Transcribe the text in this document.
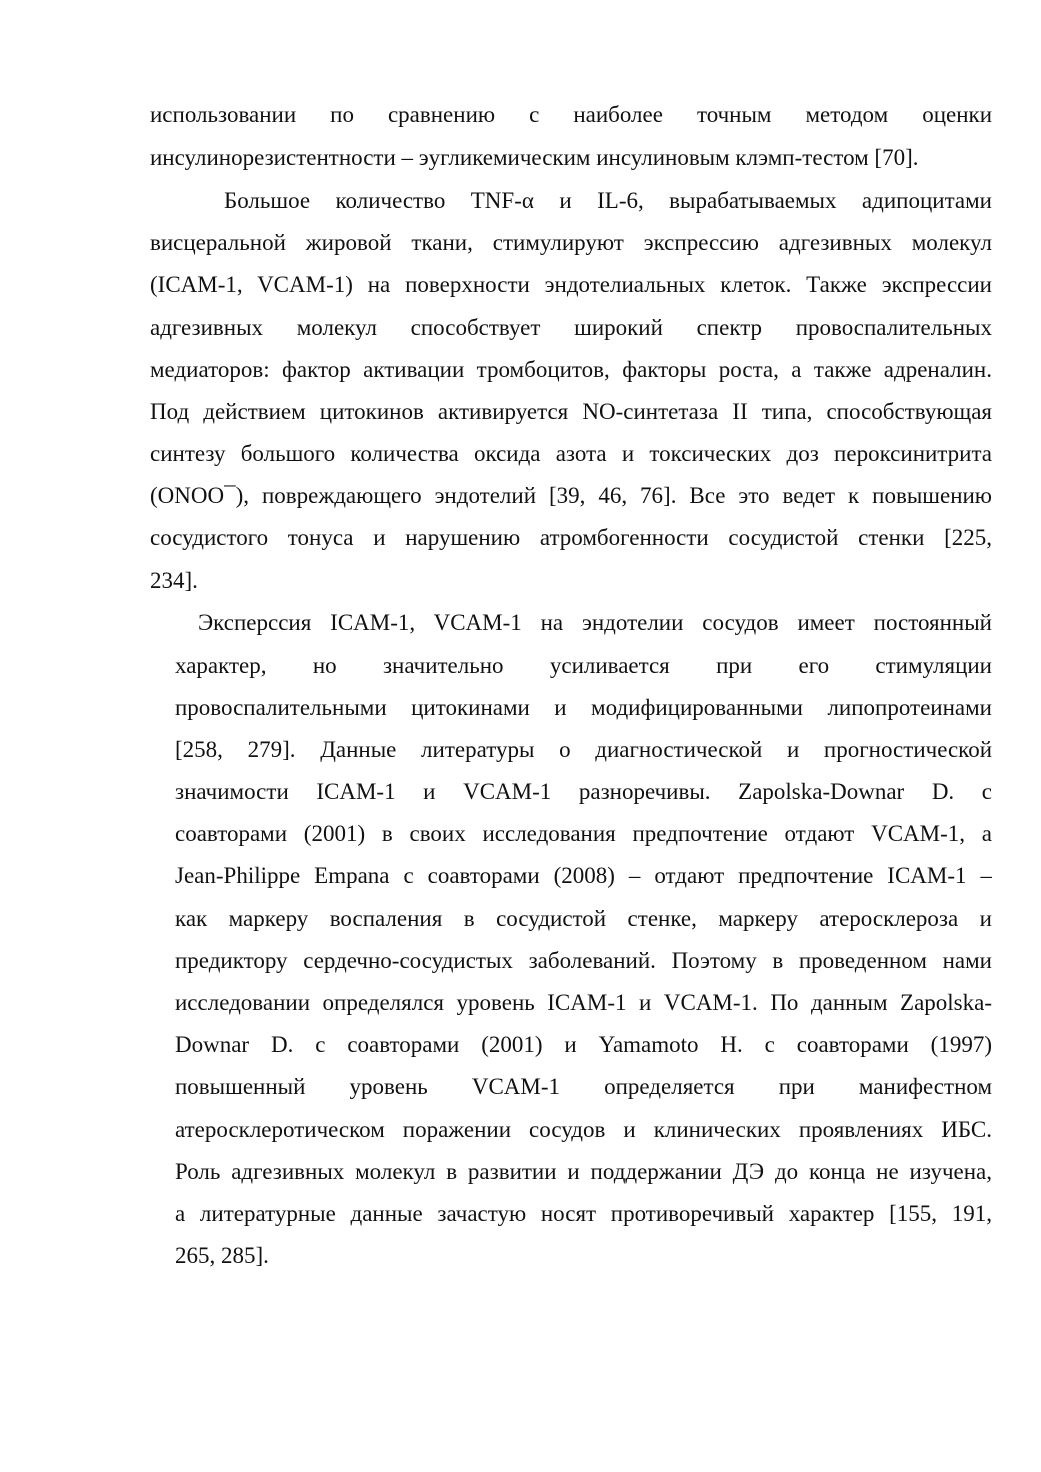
использовании по сравнению с наиболее точным методом оценки
инсулинорезистентности – эугликемическим инсулиновым клэмп-тестом [70].
Большое количество TNF-α и IL-6, вырабатываемых адипоцитами
висцеральной жировой ткани, стимулируют экспрессию адгезивных молекул
(ICAM-1, VCAM-1) на поверхности эндотелиальных клеток. Также экспрессии
адгезивных молекул способствует широкий спектр провоспалительных
медиаторов: фактор активации тромбоцитов, факторы роста, а также адреналин.
Под действием цитокинов активируется NO-синтетаза II типа, способствующая
синтезу большого количества оксида азота и токсических доз пероксинитрита
(ONOO¯), повреждающего эндотелий [39, 46, 76]. Все это ведет к повышению
сосудистого тонуса и нарушению атромбогенности сосудистой стенки [225,
234].
Эксперссия ICAM-1, VCAM-1 на эндотелии сосудов имеет постоянный
характер, но значительно усиливается при его стимуляции
провоспалительными цитокинами и модифицированными липопротеинами
[258, 279]. Данные литературы о диагностической и прогностической
значимости ICAM-1 и VCAM-1 разноречивы. Zapolska-Downar D. с
соавторами (2001) в своих исследования предпочтение отдают VCAM-1, а
Jean-Philippe Empana с соавторами (2008) – отдают предпочтение ICAM-1 –
как маркеру воспаления в сосудистой стенке, маркеру атеросклероза и
предиктору сердечно-сосудистых заболеваний. Поэтому в проведенном нами
исследовании определялся уровень ICAM-1 и VCAM-1. По данным Zapolska-
Downar D. с соавторами (2001) и Yamamoto H. с соавторами (1997)
повышенный уровень VCAM-1 определяется при манифестном
атеросклеротическом поражении сосудов и клинических проявлениях ИБС.
Роль адгезивных молекул в развитии и поддержании ДЭ до конца не изучена,
а литературные данные зачастую носят противоречивый характер [155, 191,
265, 285].
